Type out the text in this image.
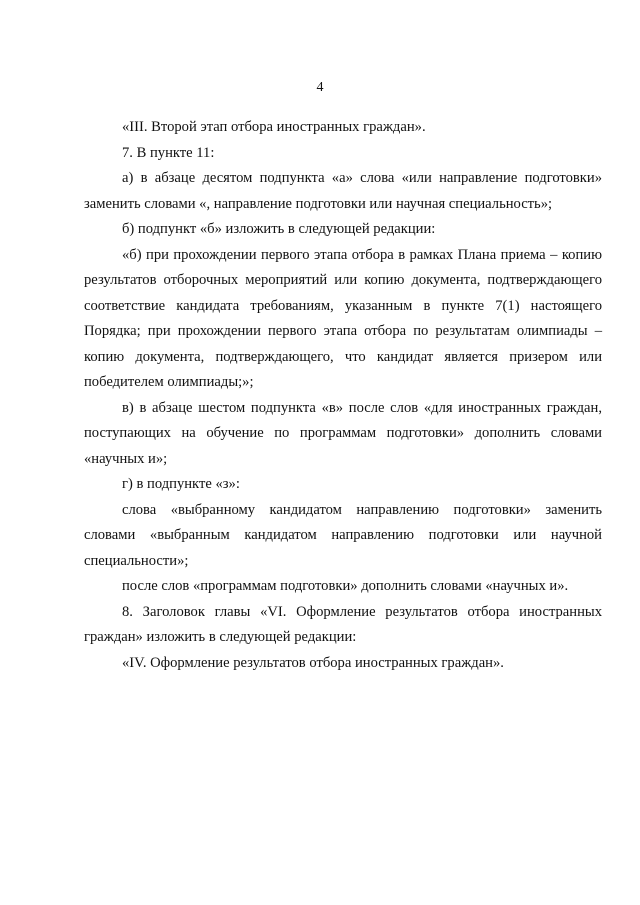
4

«III. Второй этап отбора иностранных граждан».

7. В пункте 11:

а) в абзаце десятом подпункта «а» слова «или направление подготовки» заменить словами «, направление подготовки или научная специальность»;

б) подпункт «б» изложить в следующей редакции:

«б) при прохождении первого этапа отбора в рамках Плана приема – копию результатов отборочных мероприятий или копию документа, подтверждающего соответствие кандидата требованиям, указанным в пункте 7(1) настоящего Порядка; при прохождении первого этапа отбора по результатам олимпиады – копию документа, подтверждающего, что кандидат является призером или победителем олимпиады;»;

в) в абзаце шестом подпункта «в» после слов «для иностранных граждан, поступающих на обучение по программам подготовки» дополнить словами «научных и»;

г) в подпункте «з»:

слова «выбранному кандидатом направлению подготовки» заменить словами «выбранным кандидатом направлению подготовки или научной специальности»;

после слов «программам подготовки» дополнить словами «научных и».

8. Заголовок главы «VI. Оформление результатов отбора иностранных граждан» изложить в следующей редакции:

«IV. Оформление результатов отбора иностранных граждан».
